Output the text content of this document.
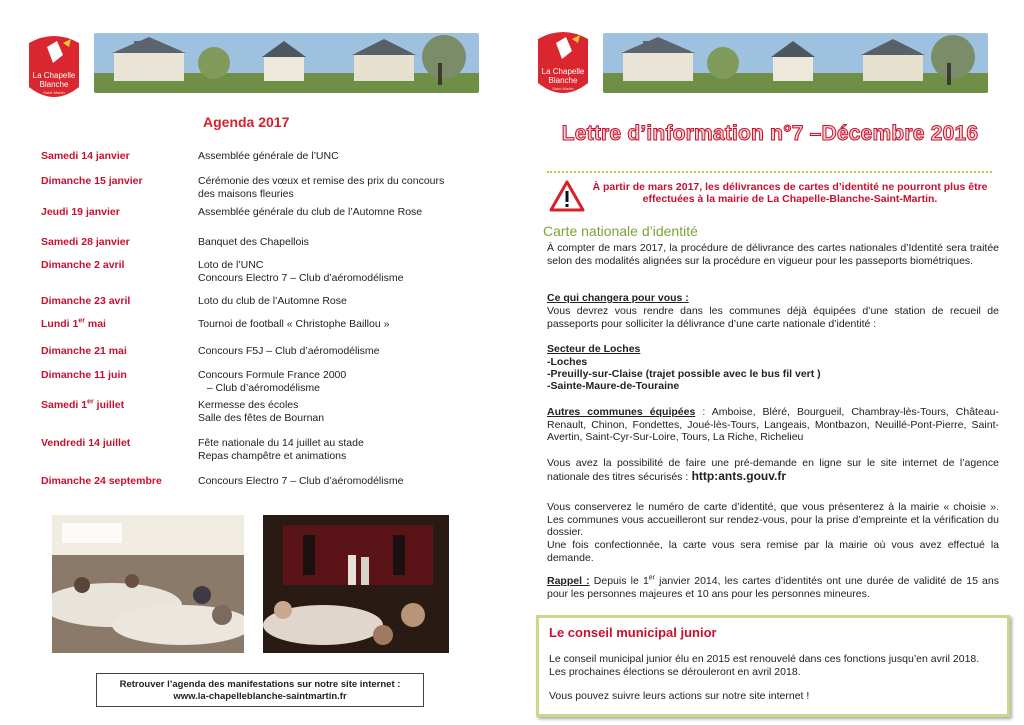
La Chapelle
Blanche
Saint-Martin
Agenda 2017
Samedi 14 janvier	Assemblée générale de l’UNC
Dimanche 15 janvier	Cérémonie des vœux et remise des prix du concours
des maisons fleuries
Jeudi 19 janvier	Assemblée générale du club de l’Automne Rose
Samedi 28 janvier	Banquet des Chapellois
Dimanche 2 avril	Loto de l’UNC
Concours Electro 7 – Club d’aéromodélisme
Dimanche 23 avril	Loto du club de l’Automne Rose
Lundi 1er mai	Tournoi de football « Christophe Baillou »
Dimanche 21 mai	Concours F5J – Club d’aéromodélisme
Dimanche 11 juin	Concours Formule France 2000
– Club d’aéromodélisme
Samedi 1er juillet	Kermesse des écoles
Salle des fêtes de Bournan
Vendredi 14 juillet	Fête nationale du 14 juillet au stade
Repas champêtre et animations
Dimanche 24 septembre	Concours Electro 7 – Club d’aéromodélisme
Retrouver l’agenda des manifestations sur notre site internet :
www.la-chapelleblanche-saintmartin.fr
La Chapelle
Blanche
Saint-Martin
Lettre d’information n°7 –Décembre 2016
À partir de mars 2017, les délivrances de cartes d’identité ne pourront plus être
effectuées à la mairie de La Chapelle-Blanche-Saint-Martin.
Carte nationale d’identité
À compter de mars 2017, la procédure de délivrance des cartes nationales d’Identité sera traitée selon des modalités alignées sur la procédure en vigueur pour les passeports biométriques.
Ce qui changera pour vous :
Vous devrez vous rendre dans les communes déjà équipées d’une station de recueil de passeports pour solliciter la délivrance d’une carte nationale d’identité :
Secteur de Loches
-Loches
-Preuilly-sur-Claise (trajet possible avec le bus fil vert )
-Sainte-Maure-de-Touraine
Autres communes équipées : Amboise, Bléré, Bourgueil, Chambray-lès-Tours, Château-Renault, Chinon, Fondettes, Joué-lès-Tours, Langeais, Montbazon, Neuillé-Pont-Pierre, Saint-Avertin, Saint-Cyr-Sur-Loire, Tours, La Riche, Richelieu
Vous avez la possibilité de faire une pré-demande en ligne sur le site internet de l’agence nationale des titres sécurisés : http:ants.gouv.fr
Vous conserverez le numéro de carte d’identité, que vous présenterez à la mairie « choisie ». Les communes vous accueilleront sur rendez-vous, pour la prise d’empreinte et la vérification du dossier.
Une fois confectionnée, la carte vous sera remise par la mairie où vous avez effectué la demande.
Rappel : Depuis le 1er janvier 2014, les cartes d’identités ont une durée de validité de 15 ans pour les personnes majeures et 10 ans pour les personnes mineures.
Le conseil municipal junior
Le conseil municipal junior élu en 2015 est renouvelé dans ces fonctions jusqu’en avril 2018. Les prochaines élections se dérouleront en avril 2018.
Vous pouvez suivre leurs actions sur notre site internet !
